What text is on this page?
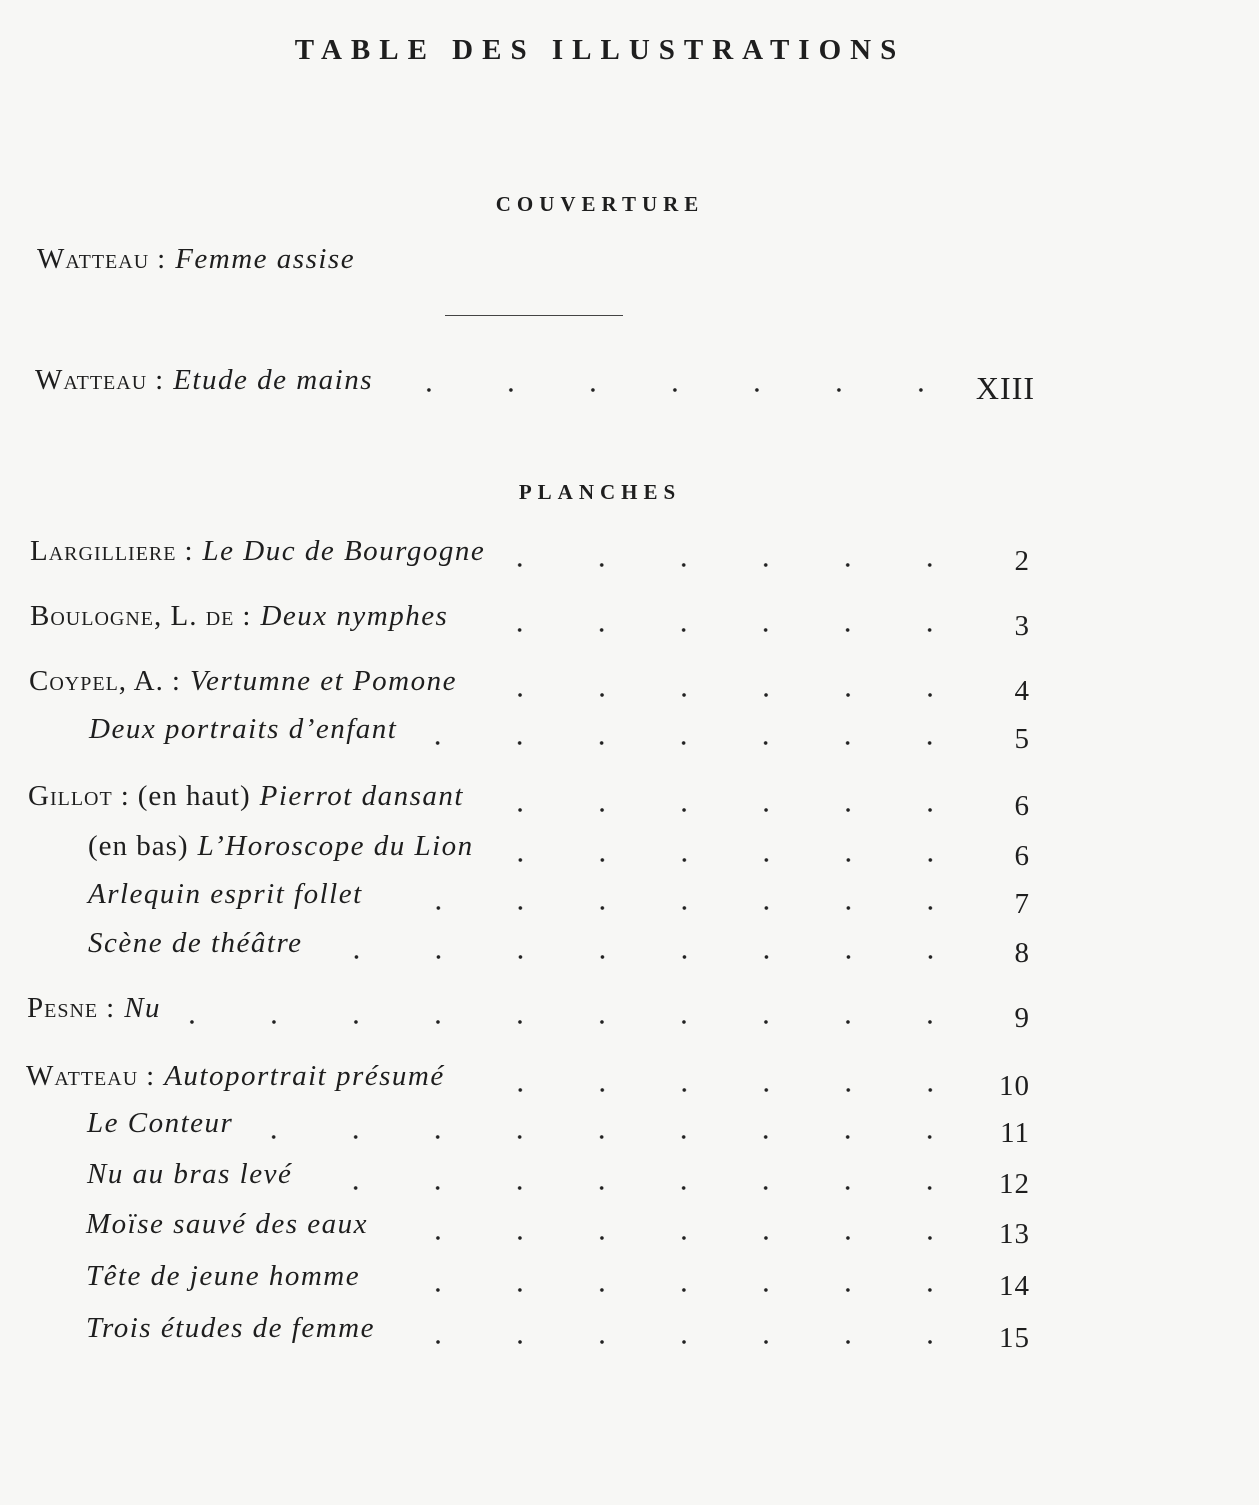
TABLE DES ILLUSTRATIONS
COUVERTURE
Watteau : Femme assise
Watteau : Etude de mains	XIII
PLANCHES
Largilliere : Le Duc de Bourgogne	2
Boulogne, L. de : Deux nymphes	3
Coypel, A. : Vertumne et Pomone	4
Deux portraits d’enfant	5
Gillot : (en haut) Pierrot dansant	6
(en bas) L’Horoscope du Lion	6
Arlequin esprit follet	7
Scène de théâtre	8
Pesne : Nu	9
Watteau : Autoportrait présumé	10
Le Conteur	11
Nu au bras levé	12
Moïse sauvé des eaux	13
Tête de jeune homme	14
Trois études de femme	15
